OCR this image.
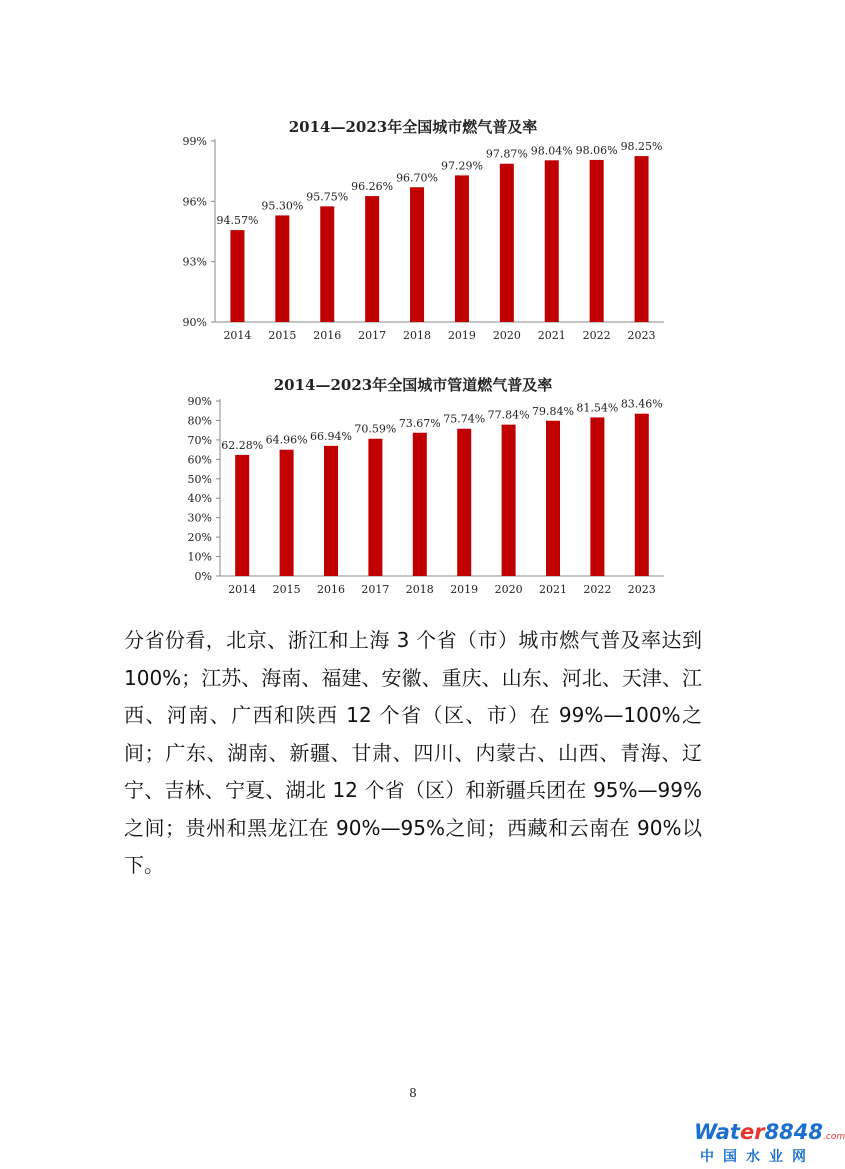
2014—2023年全国城市燃气普及率
90%
93%
96%
99%
94.57%
2014
95.30%
2015
95.75%
2016
96.26%
2017
96.70%
2018
97.29%
2019
97.87%
2020
98.04%
2021
98.06%
2022
98.25%
2023
2014—2023年全国城市管道燃气普及率
0%
10%
20%
30%
40%
50%
60%
70%
80%
90%
62.28%
2014
64.96%
2015
66.94%
2016
70.59%
2017
73.67%
2018
75.74%
2019
77.84%
2020
79.84%
2021
81.54%
2022
83.46%
2023

分省份看，北京、浙江和上海 3 个省（市）城市燃气普及率达到 100%；江苏、海南、福建、安徽、重庆、山东、河北、天津、江西、河南、广西和陕西 12 个省（区、市）在 99%—100%之间；广东、湖南、新疆、甘肃、四川、内蒙古、山西、青海、辽宁、吉林、宁夏、湖北 12 个省（区）和新疆兵团在 95%—99%之间；贵州和黑龙江在 90%—95%之间；西藏和云南在 90%以下。

8
Water8848.com
中国水业网
